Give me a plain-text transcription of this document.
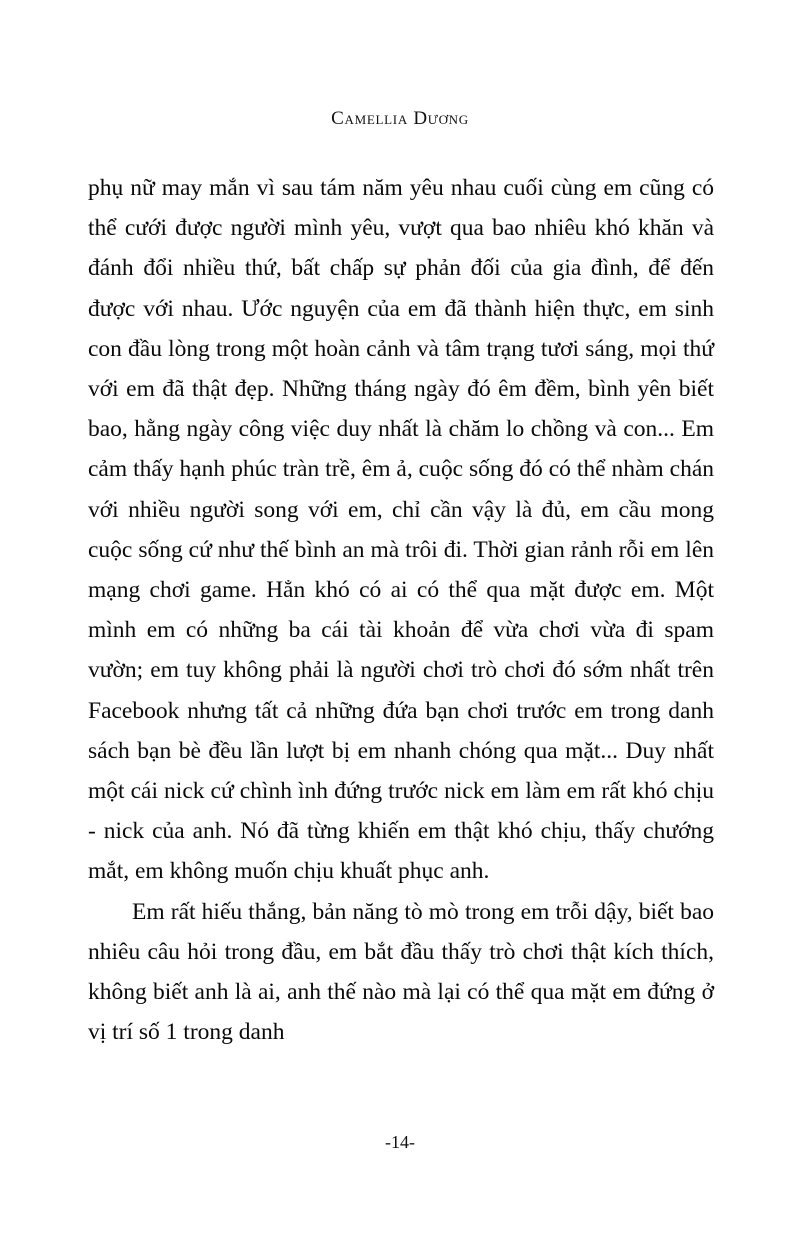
Camellia Dương

phụ nữ may mắn vì sau tám năm yêu nhau cuối cùng em cũng có thể cưới được người mình yêu, vượt qua bao nhiêu khó khăn và đánh đổi nhiều thứ, bất chấp sự phản đối của gia đình, để đến được với nhau. Ước nguyện của em đã thành hiện thực, em sinh con đầu lòng trong một hoàn cảnh và tâm trạng tươi sáng, mọi thứ với em đã thật đẹp. Những tháng ngày đó êm đềm, bình yên biết bao, hằng ngày công việc duy nhất là chăm lo chồng và con... Em cảm thấy hạnh phúc tràn trề, êm ả, cuộc sống đó có thể nhàm chán với nhiều người song với em, chỉ cần vậy là đủ, em cầu mong cuộc sống cứ như thế bình an mà trôi đi. Thời gian rảnh rỗi em lên mạng chơi game. Hẳn khó có ai có thể qua mặt được em. Một mình em có những ba cái tài khoản để vừa chơi vừa đi spam vườn; em tuy không phải là người chơi trò chơi đó sớm nhất trên Facebook nhưng tất cả những đứa bạn chơi trước em trong danh sách bạn bè đều lần lượt bị em nhanh chóng qua mặt... Duy nhất một cái nick cứ chình ình đứng trước nick em làm em rất khó chịu - nick của anh. Nó đã từng khiến em thật khó chịu, thấy chướng mắt, em không muốn chịu khuất phục anh.

Em rất hiếu thắng, bản năng tò mò trong em trỗi dậy, biết bao nhiêu câu hỏi trong đầu, em bắt đầu thấy trò chơi thật kích thích, không biết anh là ai, anh thế nào mà lại có thể qua mặt em đứng ở vị trí số 1 trong danh

-14-
